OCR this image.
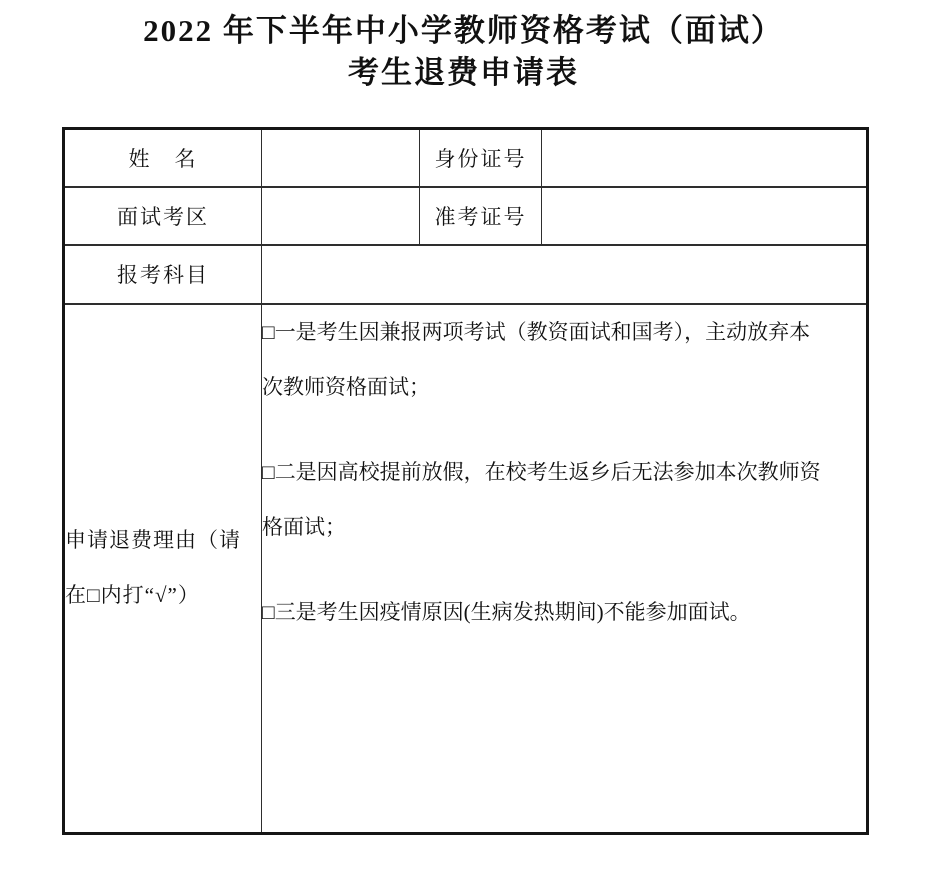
2022 年下半年中小学教师资格考试（面试）
考生退费申请表
姓　名		身份证号	
面试考区		准考证号	
报考科目			

申请退费理由（请
在□内打“√”）

□一是考生因兼报两项考试（教资面试和国考），主动放弃本
次教师资格面试；
□二是因高校提前放假，在校考生返乡后无法参加本次教师资
格面试；
□三是考生因疫情原因(生病发热期间)不能参加面试。
